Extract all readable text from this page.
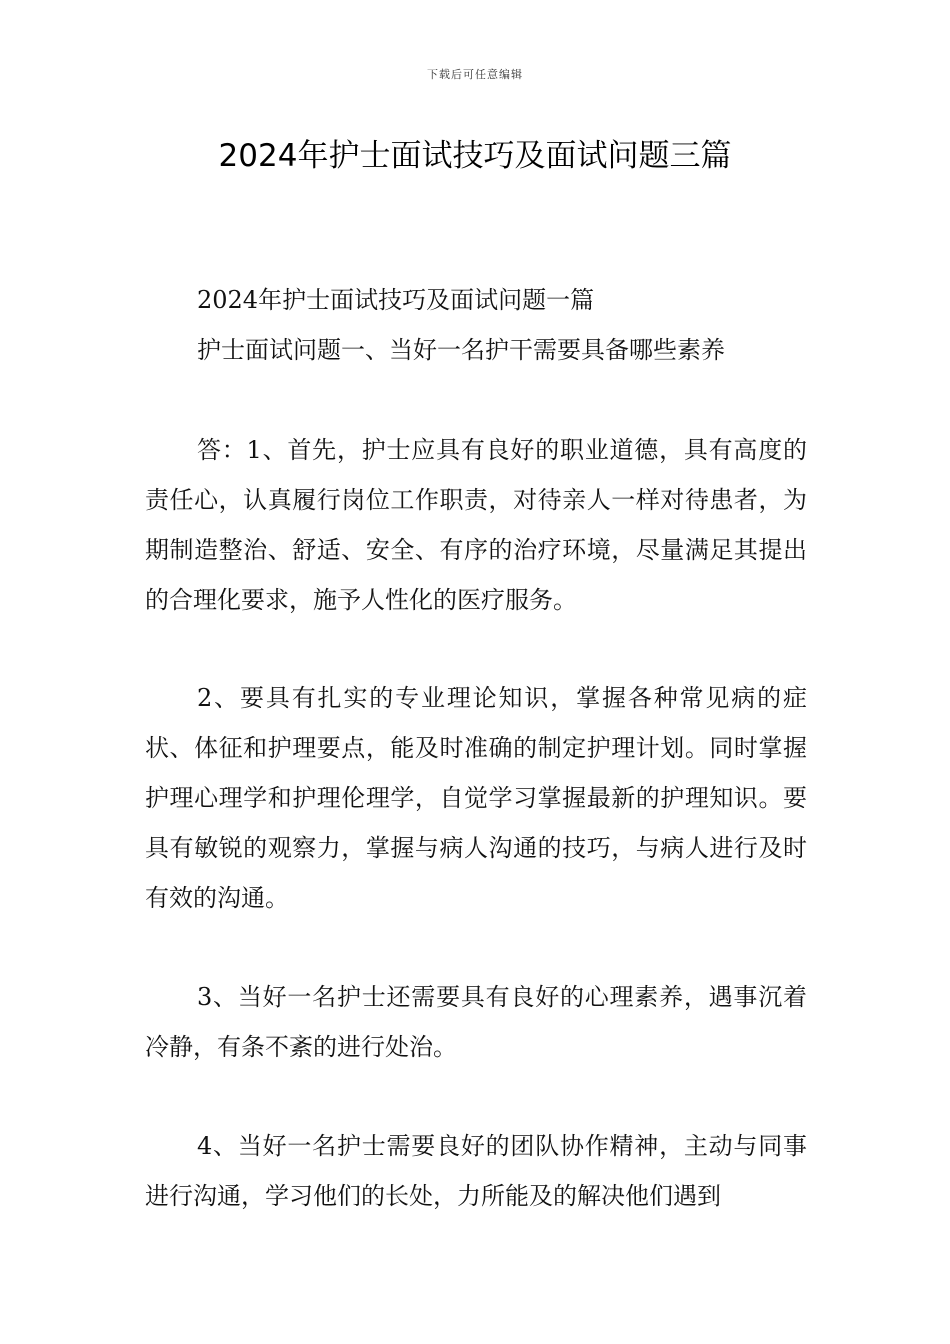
下载后可任意编辑
2024年护士面试技巧及面试问题三篇

2024年护士面试技巧及面试问题一篇

护士面试问题一、当好一名护干需要具备哪些素养

答：1、首先，护士应具有良好的职业道德，具有高度的责任心，认真履行岗位工作职责，对待亲人一样对待患者，为期制造整治、舒适、安全、有序的治疗环境，尽量满足其提出的合理化要求，施予人性化的医疗服务。

2、要具有扎实的专业理论知识，掌握各种常见病的症状、体征和护理要点，能及时准确的制定护理计划。同时掌握护理心理学和护理伦理学，自觉学习掌握最新的护理知识。要具有敏锐的观察力，掌握与病人沟通的技巧，与病人进行及时有效的沟通。

3、当好一名护士还需要具有良好的心理素养，遇事沉着冷静，有条不紊的进行处治。

4、当好一名护士需要良好的团队协作精神，主动与同事进行沟通，学习他们的长处，力所能及的解决他们遇到
